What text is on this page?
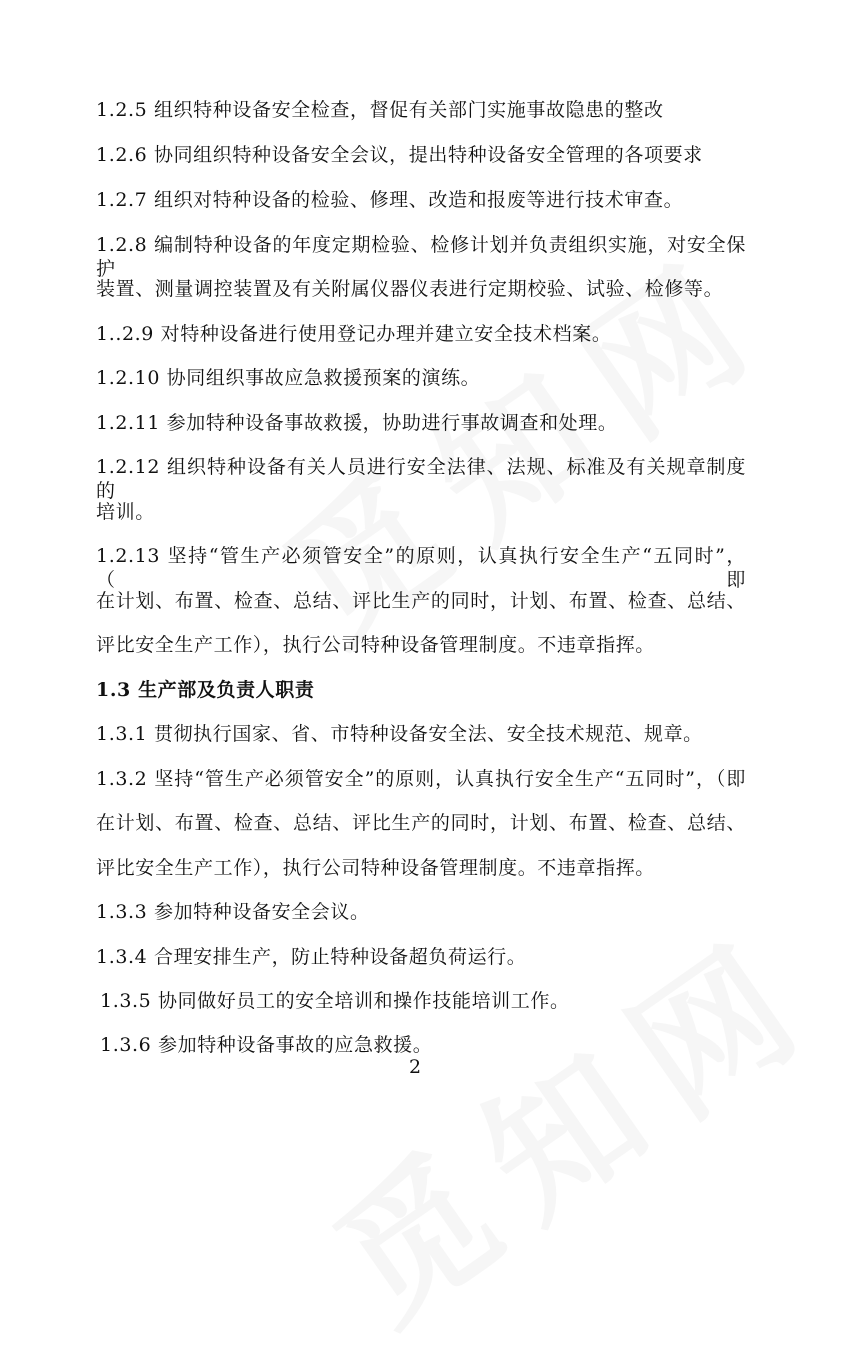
1.2.5 组织特种设备安全检查，督促有关部门实施事故隐患的整改
1.2.6 协同组织特种设备安全会议，提出特种设备安全管理的各项要求
1.2.7 组织对特种设备的检验、修理、改造和报废等进行技术审查。
1.2.8 编制特种设备的年度定期检验、检修计划并负责组织实施，对安全保护
装置、测量调控装置及有关附属仪器仪表进行定期校验、试验、检修等。
1..2.9 对特种设备进行使用登记办理并建立安全技术档案。
1.2.10 协同组织事故应急救援预案的演练。
1.2.11 参加特种设备事故救援，协助进行事故调查和处理。
1.2.12 组织特种设备有关人员进行安全法律、法规、标准及有关规章制度的
培训。
1.2.13 坚持“管生产必须管安全”的原则，认真执行安全生产“五同时”，（即
在计划、布置、检查、总结、评比生产的同时，计划、布置、检查、总结、
评比安全生产工作），执行公司特种设备管理制度。不违章指挥。
1.3 生产部及负责人职责
1.3.1 贯彻执行国家、省、市特种设备安全法、安全技术规范、规章。
1.3.2 坚持“管生产必须管安全”的原则，认真执行安全生产“五同时”，（即
在计划、布置、检查、总结、评比生产的同时，计划、布置、检查、总结、
评比安全生产工作），执行公司特种设备管理制度。不违章指挥。
1.3.3 参加特种设备安全会议。
1.3.4 合理安排生产，防止特种设备超负荷运行。
1.3.5 协同做好员工的安全培训和操作技能培训工作。
1.3.6 参加特种设备事故的应急救援。
2
